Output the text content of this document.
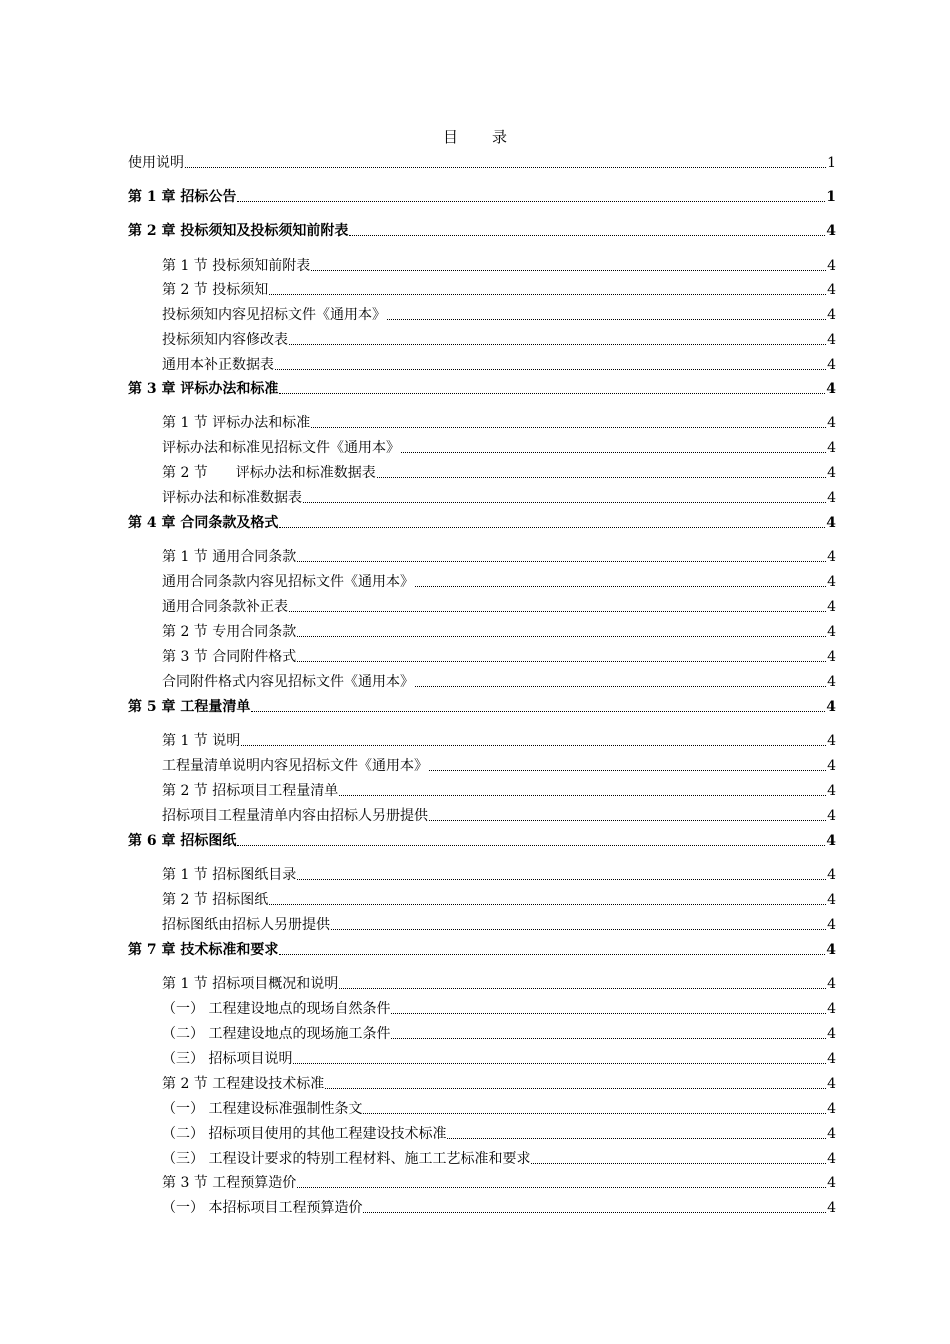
目 录
使用说明	1
第 1 章 招标公告	1
第 2 章 投标须知及投标须知前附表	4
第 1 节 投标须知前附表	4
第 2 节 投标须知	4
投标须知内容见招标文件《通用本》	4
投标须知内容修改表	4
通用本补正数据表	4
第 3 章 评标办法和标准	4
第 1 节 评标办法和标准	4
评标办法和标准见招标文件《通用本》	4
第 2 节　　评标办法和标准数据表	4
评标办法和标准数据表	4
第 4 章 合同条款及格式	4
第 1 节 通用合同条款	4
通用合同条款内容见招标文件《通用本》	4
通用合同条款补正表	4
第 2 节 专用合同条款	4
第 3 节 合同附件格式	4
合同附件格式内容见招标文件《通用本》	4
第 5 章 工程量清单	4
第 1 节 说明	4
工程量清单说明内容见招标文件《通用本》	4
第 2 节 招标项目工程量清单	4
招标项目工程量清单内容由招标人另册提供	4
第 6 章 招标图纸	4
第 1 节 招标图纸目录	4
第 2 节 招标图纸	4
招标图纸由招标人另册提供	4
第 7 章 技术标准和要求	4
第 1 节 招标项目概况和说明	4
（一） 工程建设地点的现场自然条件	4
（二） 工程建设地点的现场施工条件	4
（三） 招标项目说明	4
第 2 节 工程建设技术标准	4
（一） 工程建设标准强制性条文	4
（二） 招标项目使用的其他工程建设技术标准	4
（三） 工程设计要求的特别工程材料、施工工艺标准和要求	4
第 3 节 工程预算造价	4
（一） 本招标项目工程预算造价	4
